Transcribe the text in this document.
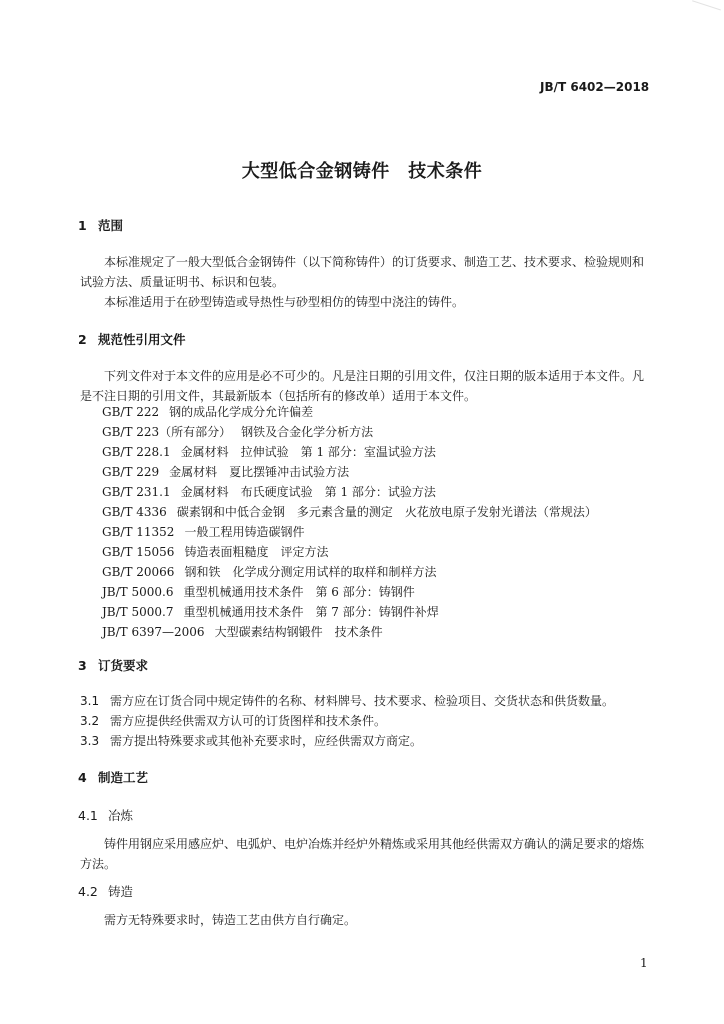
JB/T 6402—2018
大型低合金钢铸件　技术条件
1 范围
本标准规定了一般大型低合金钢铸件（以下简称铸件）的订货要求、制造工艺、技术要求、检验规则和试验方法、质量证明书、标识和包装。
本标准适用于在砂型铸造或导热性与砂型相仿的铸型中浇注的铸件。
2 规范性引用文件
下列文件对于本文件的应用是必不可少的。凡是注日期的引用文件，仅注日期的版本适用于本文件。凡是不注日期的引用文件，其最新版本（包括所有的修改单）适用于本文件。
GB/T 222 钢的成品化学成分允许偏差
GB/T 223（所有部分） 钢铁及合金化学分析方法
GB/T 228.1 金属材料　拉伸试验　第 1 部分：室温试验方法
GB/T 229 金属材料　夏比摆锤冲击试验方法
GB/T 231.1 金属材料　布氏硬度试验　第 1 部分：试验方法
GB/T 4336 碳素钢和中低合金钢　多元素含量的测定　火花放电原子发射光谱法（常规法）
GB/T 11352 一般工程用铸造碳钢件
GB/T 15056 铸造表面粗糙度　评定方法
GB/T 20066 钢和铁　化学成分测定用试样的取样和制样方法
JB/T 5000.6 重型机械通用技术条件　第 6 部分：铸钢件
JB/T 5000.7 重型机械通用技术条件　第 7 部分：铸钢件补焊
JB/T 6397—2006 大型碳素结构钢锻件　技术条件
3 订货要求
3.1 需方应在订货合同中规定铸件的名称、材料牌号、技术要求、检验项目、交货状态和供货数量。
3.2 需方应提供经供需双方认可的订货图样和技术条件。
3.3 需方提出特殊要求或其他补充要求时，应经供需双方商定。
4 制造工艺
4.1 冶炼
铸件用钢应采用感应炉、电弧炉、电炉冶炼并经炉外精炼或采用其他经供需双方确认的满足要求的熔炼方法。
4.2 铸造
需方无特殊要求时，铸造工艺由供方自行确定。
1
